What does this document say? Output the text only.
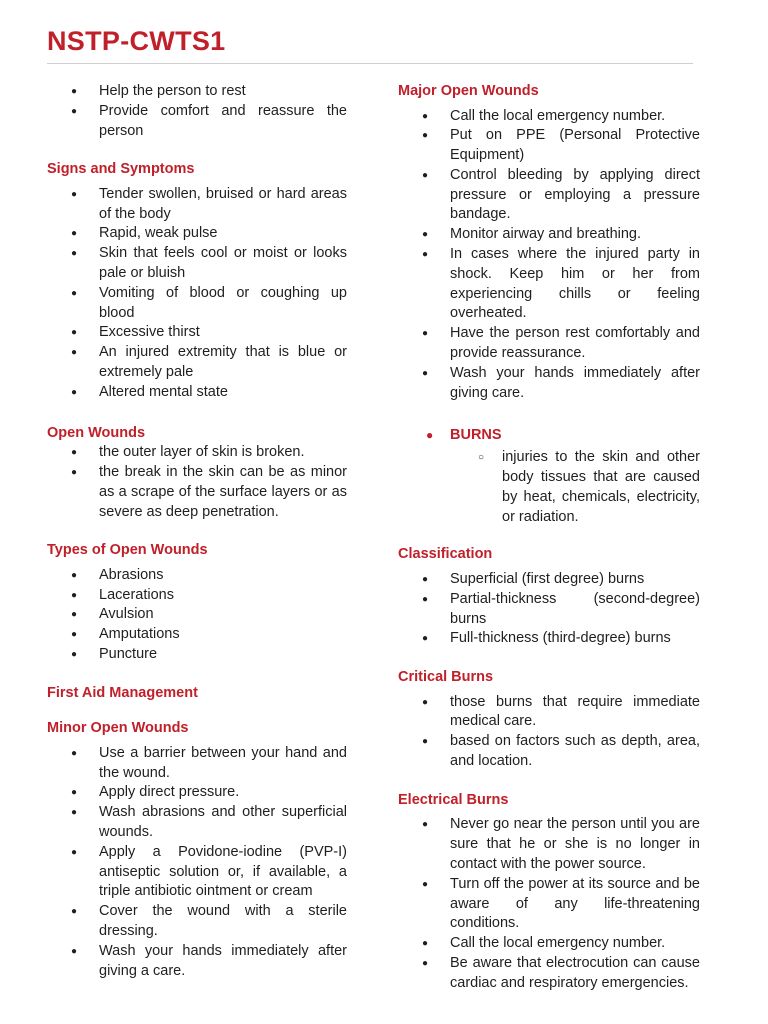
NSTP-CWTS1
● Help the person to rest
● Provide comfort and reassure the person

Signs and Symptoms

● Tender swollen, bruised or hard areas of the body
● Rapid, weak pulse
● Skin that feels cool or moist or looks pale or bluish
● Vomiting of blood or coughing up blood
● Excessive thirst
● An injured extremity that is blue or extremely pale
● Altered mental state

Open Wounds

● the outer layer of skin is broken.
● the break in the skin can be as minor as a scrape of the surface layers or as severe as deep penetration.

Types of Open Wounds

● Abrasions
● Lacerations
● Avulsion
● Amputations
● Puncture

First Aid Management

Minor Open Wounds

● Use a barrier between your hand and the wound.
● Apply direct pressure.
● Wash abrasions and other superficial wounds.
● Apply a Povidone-iodine (PVP-I) antiseptic solution or, if available, a triple antibiotic ointment or cream
● Cover the wound with a sterile dressing.
● Wash your hands immediately after giving a care.

Major Open Wounds

● Call the local emergency number.
● Put on PPE (Personal Protective Equipment)
● Control bleeding by applying direct pressure or employing a pressure bandage.
● Monitor airway and breathing.
● In cases where the injured party in shock. Keep him or her from experiencing chills or feeling overheated.
● Have the person rest comfortably and provide reassurance.
● Wash your hands immediately after giving care.
● BURNS
○ injuries to the skin and other body tissues that are caused by heat, chemicals, electricity, or radiation.

Classification

● Superficial (first degree) burns
● Partial-thickness (second-degree) burns
● Full-thickness (third-degree) burns

Critical Burns

● those burns that require immediate medical care.
● based on factors such as depth, area, and location.

Electrical Burns

● Never go near the person until you are sure that he or she is no longer in contact with the power source.
● Turn off the power at its source and be aware of any life-threatening conditions.
● Call the local emergency number.
● Be aware that electrocution can cause cardiac and respiratory emergencies.
